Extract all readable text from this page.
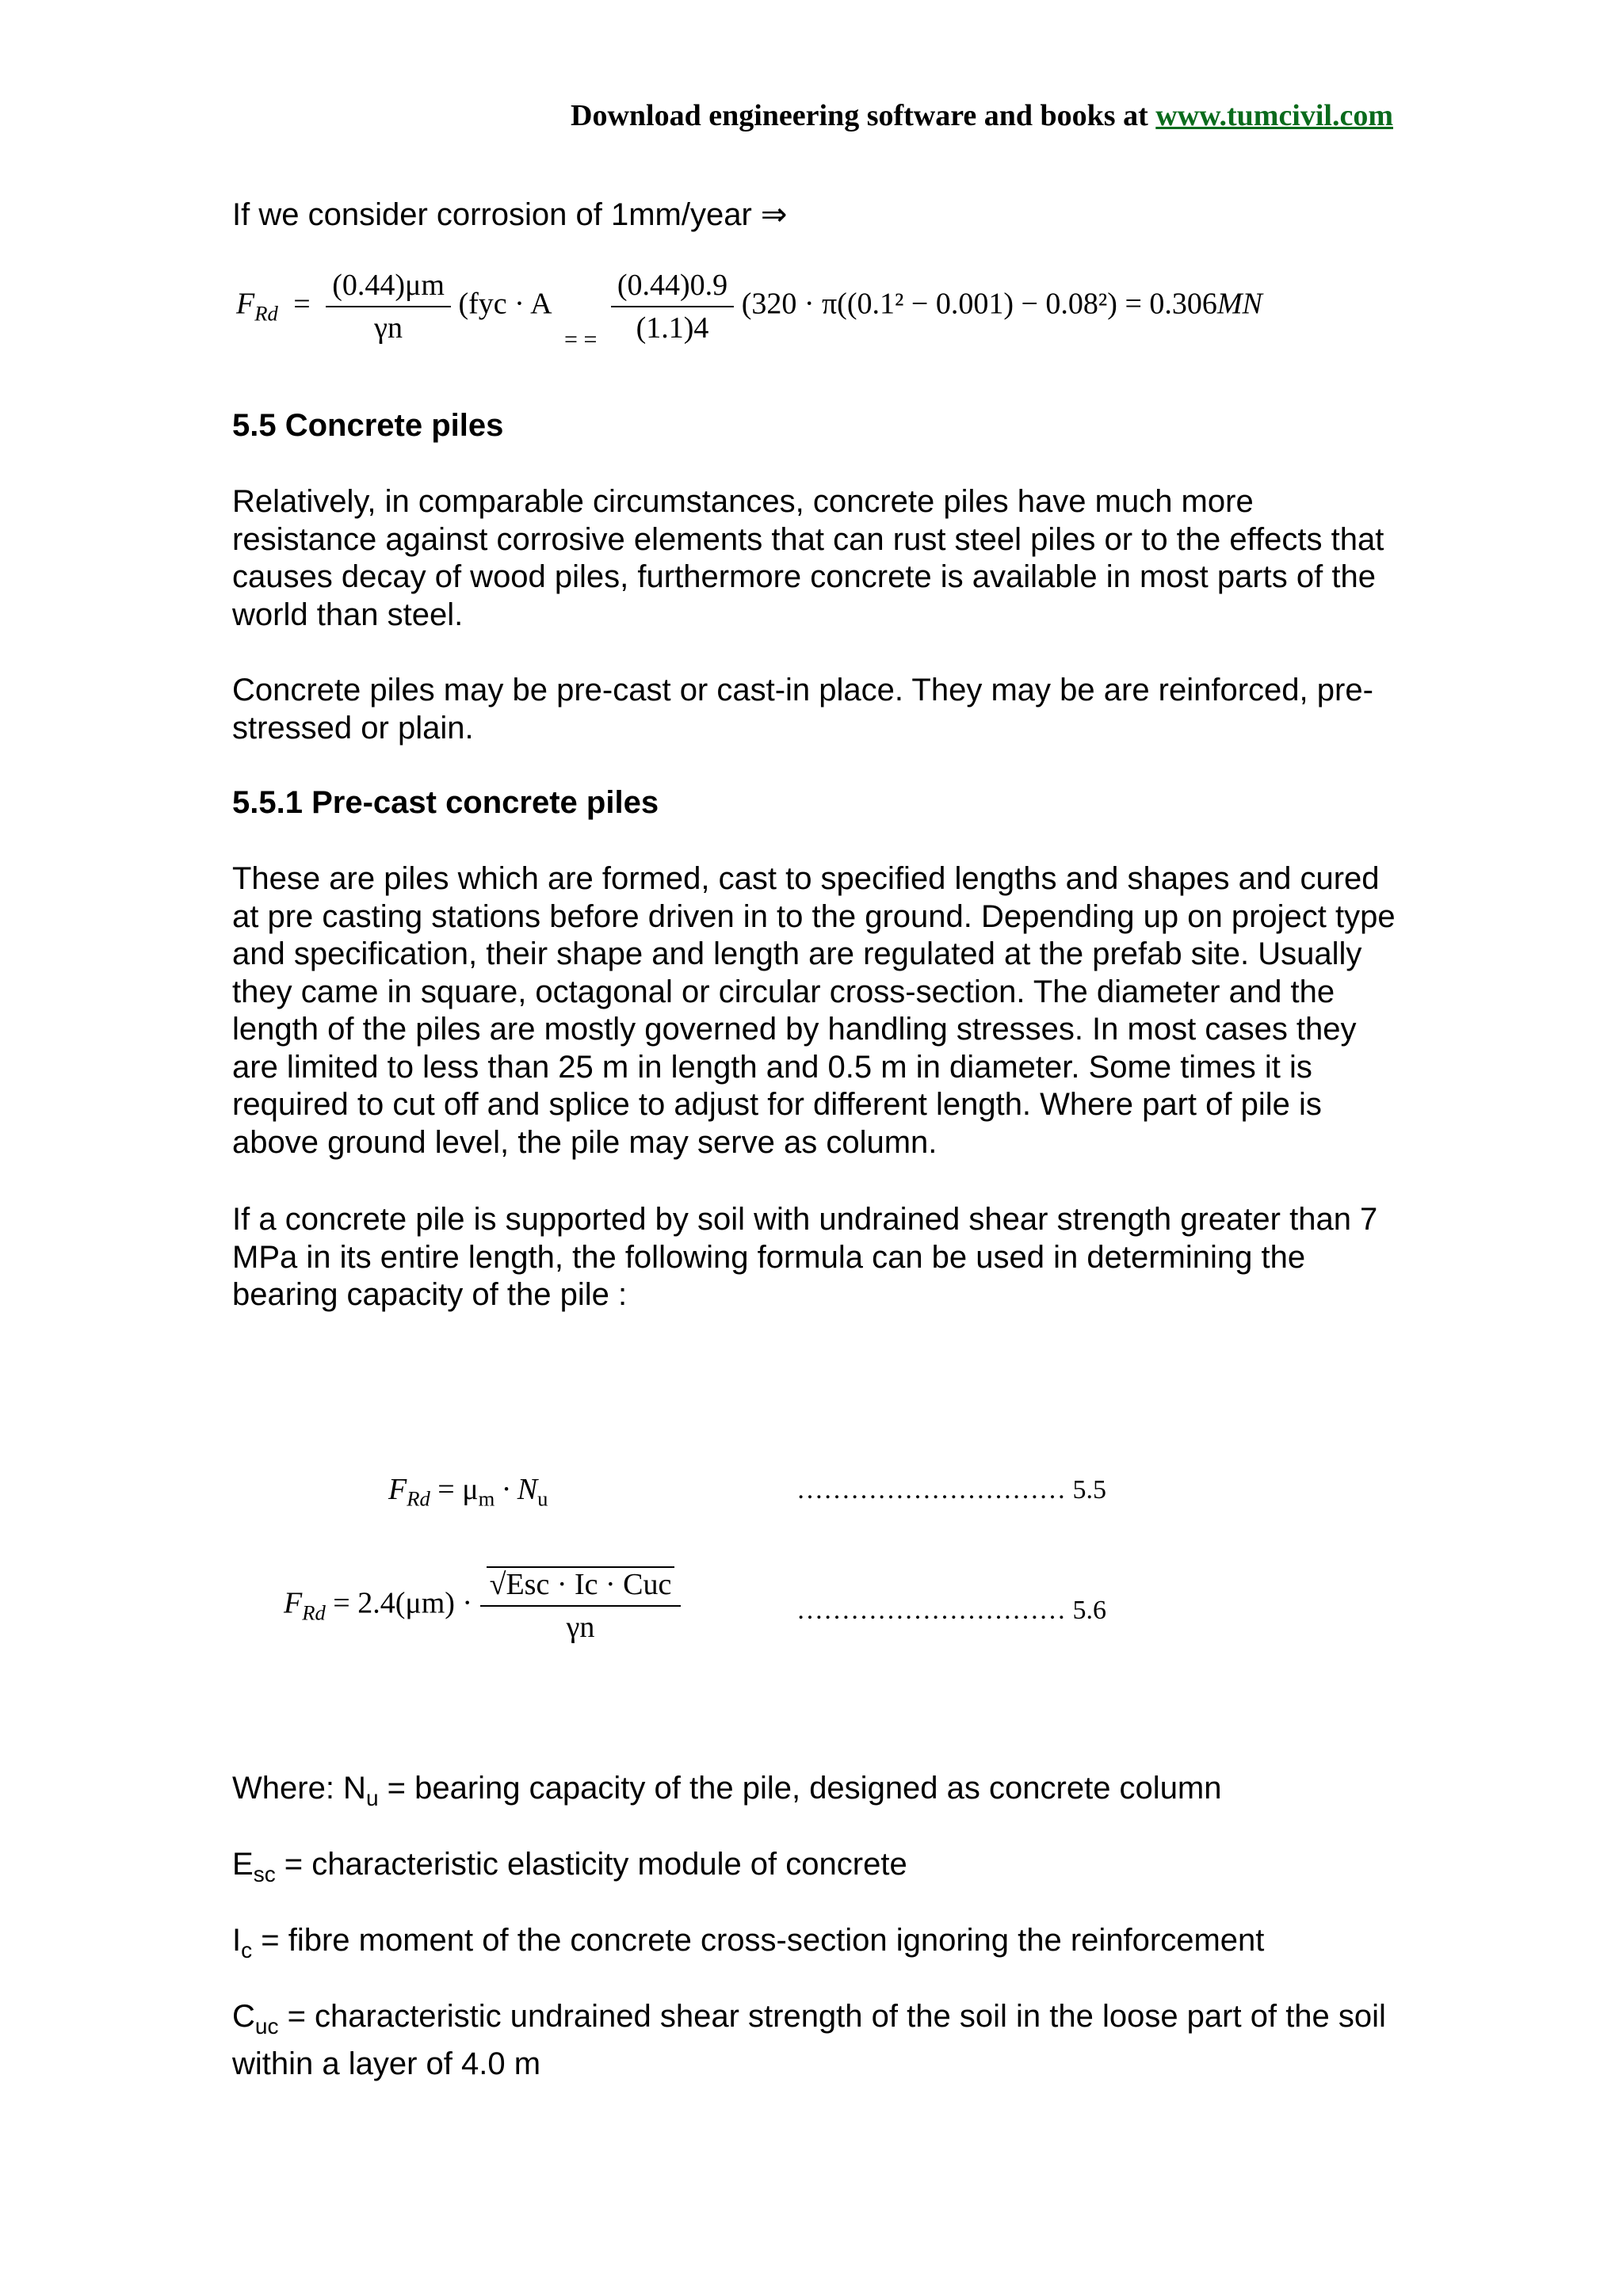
Download engineering software and books at www.tumcivil.com
If we consider corrosion of 1mm/year ⇒
$F_{Rd} = \frac{(0.44)\mu m}{\gamma n} (fyc \cdot A$ $_{= =} \frac{(0.44)0.9}{(1.1)4} (320 \cdot \pi((0.1^2 - 0.001) - 0.08^2) = 0.306MN$
5.5 Concrete piles
Relatively, in comparable circumstances, concrete piles have much more resistance against corrosive elements that can rust steel piles or to the effects that causes decay of wood piles, furthermore concrete is available in most parts of the world than steel.
Concrete piles may be pre-cast or cast-in place. They may be are reinforced, pre-stressed or plain.
5.5.1 Pre-cast concrete piles
These are piles which are formed, cast to specified lengths and shapes and cured at pre casting stations before driven in to the ground. Depending up on project type and specification, their shape and length are regulated at the prefab site. Usually they came in square, octagonal or circular cross-section. The diameter and the length of the piles are mostly governed by handling stresses. In most cases they are limited to less than 25 m in length and 0.5 m in diameter. Some times it is required to cut off and splice to adjust for different length. Where part of pile is above ground level, the pile may serve as column.
If a concrete pile is supported by soil with undrained shear strength greater than 7 MPa in its entire length, the following formula can be used in determining the bearing capacity of the pile :
$F_{Rd} = \mu_m \cdot N_u$	………………………… 5.5
$F_{Rd} = 2.4(\mu m) \cdot \frac{\text{√Esc · Ic · Cuc}}{\gamma n}$	………………………… 5.6
Where: $N_u$ = bearing capacity of the pile, designed as concrete column
$E_{sc}$ = characteristic elasticity module of concrete
$I_c$ = fibre moment of the concrete cross-section ignoring the reinforcement
$C_{uc}$ = characteristic undrained shear strength of the soil in the loose part of the soil within a layer of 4.0 m
